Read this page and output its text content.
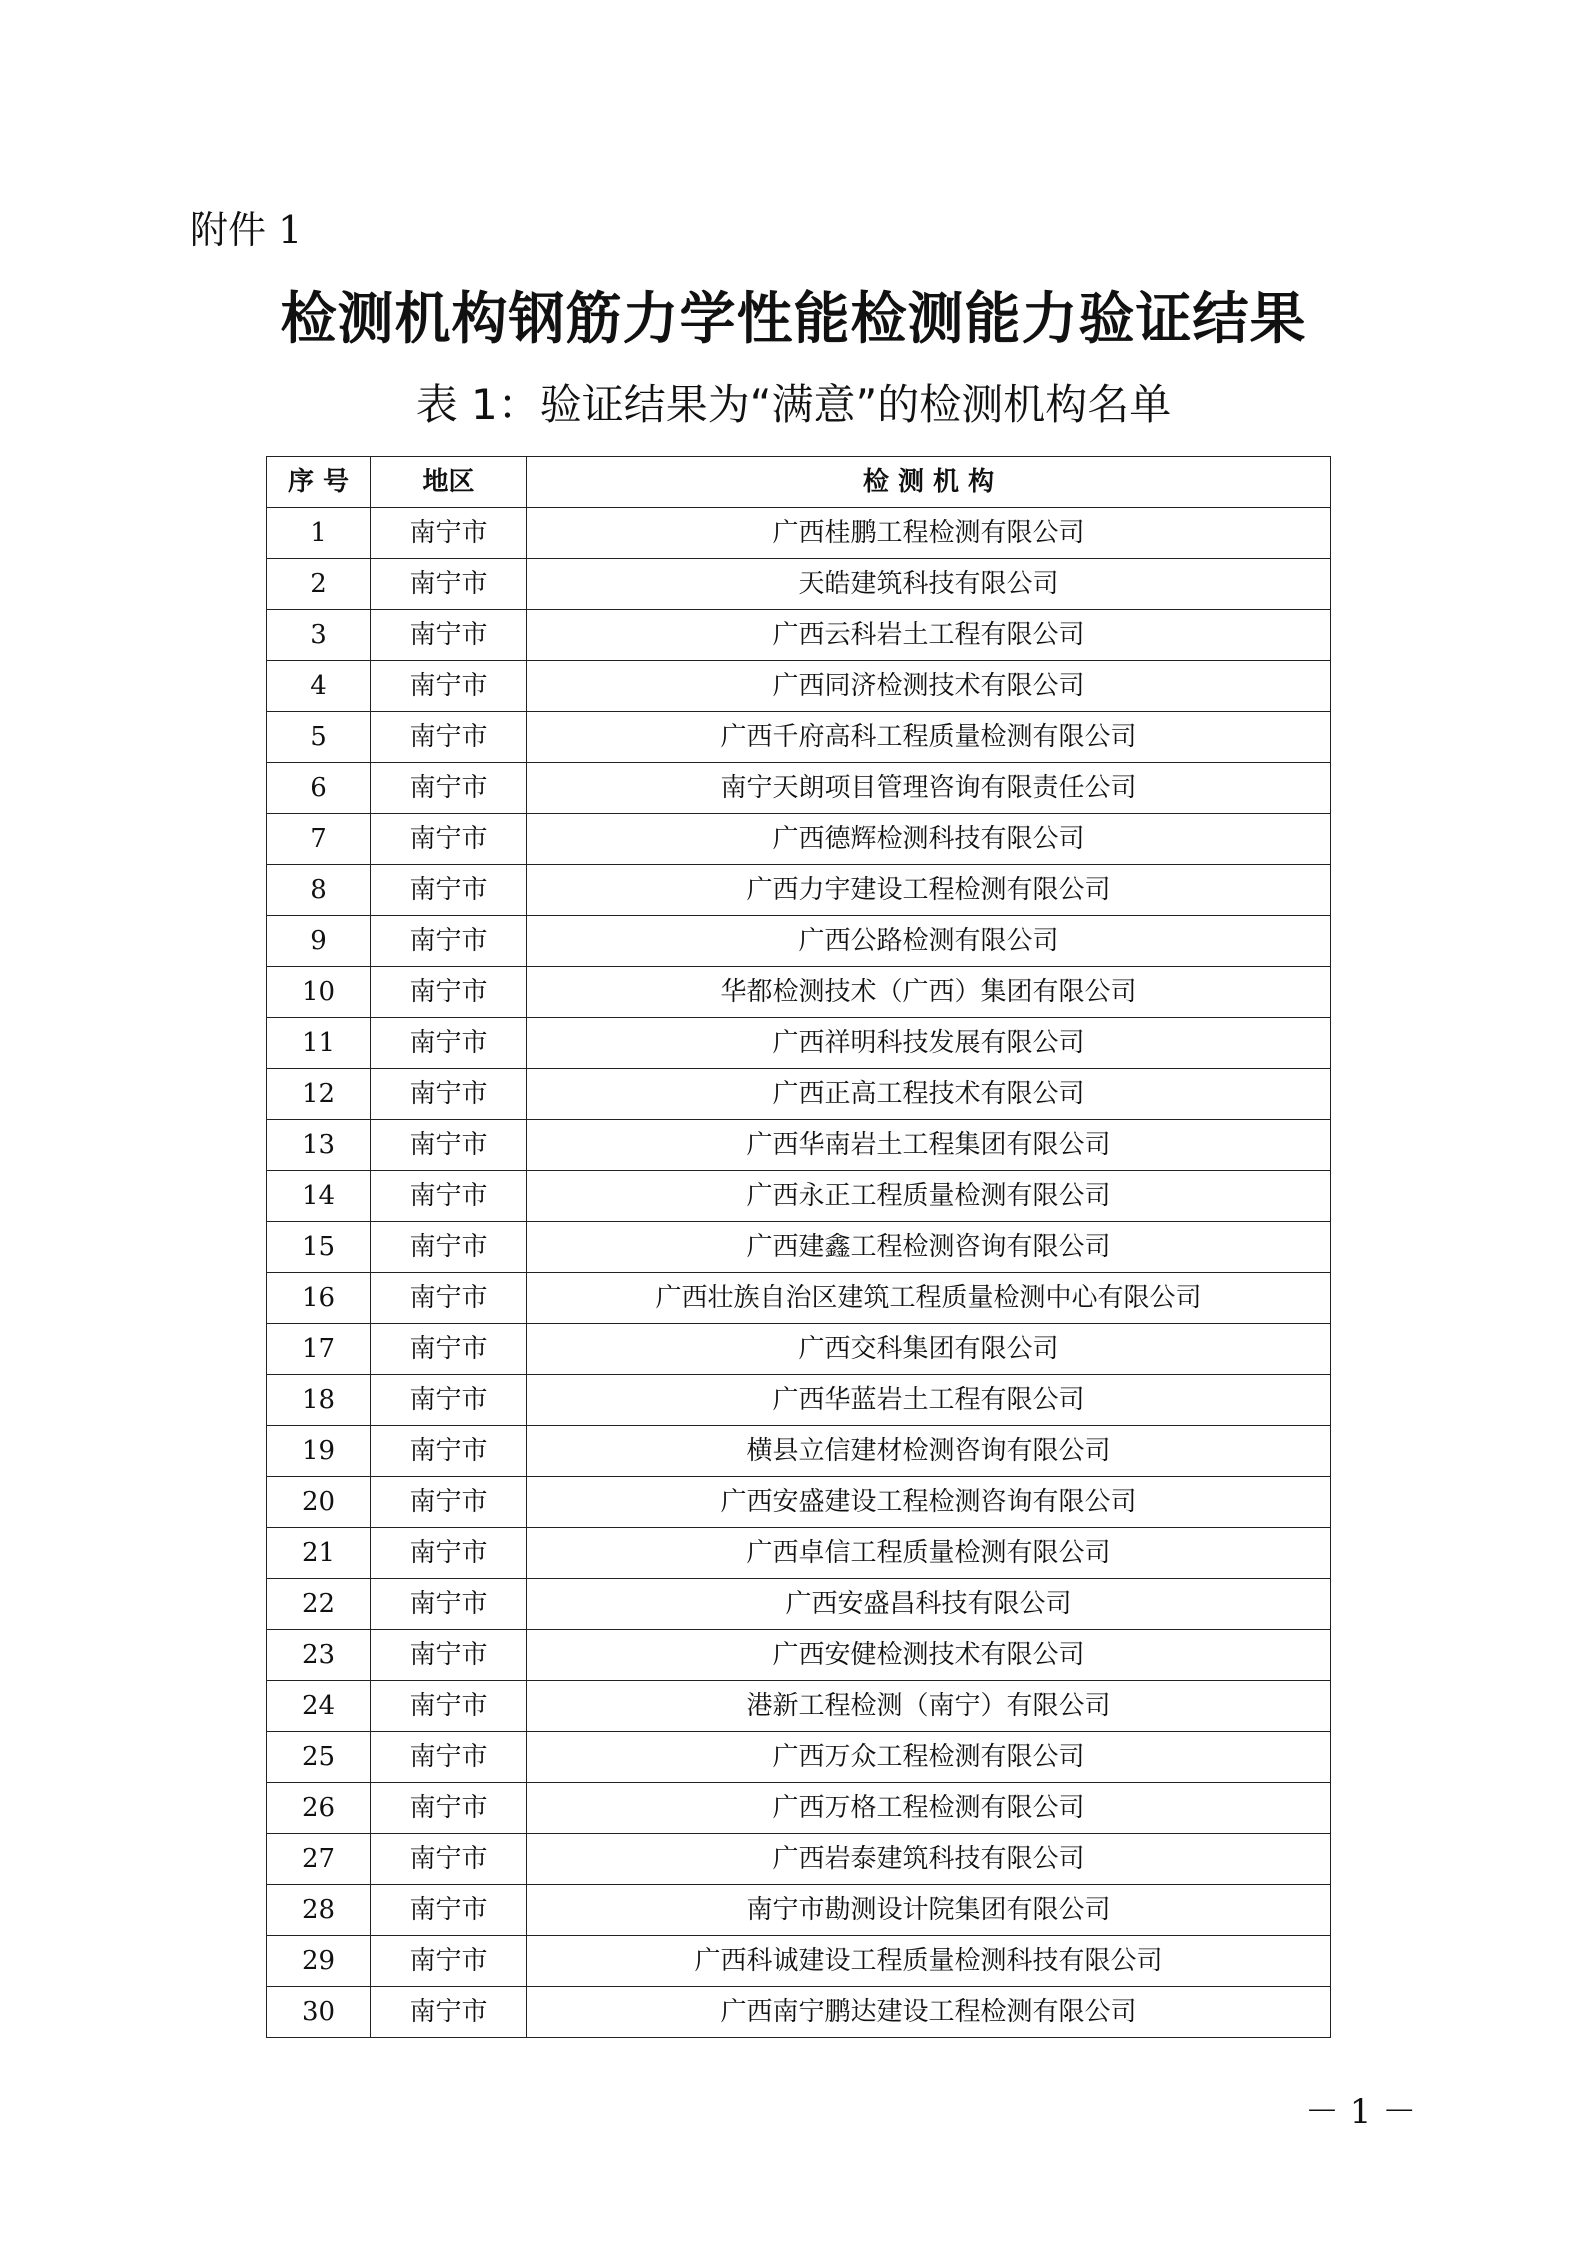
附件 1
检测机构钢筋力学性能检测能力验证结果
表 1：验证结果为“满意”的检测机构名单
序 号	地区	检 测 机 构
1	南宁市	广西桂鹏工程检测有限公司
2	南宁市	天皓建筑科技有限公司
3	南宁市	广西云科岩土工程有限公司
4	南宁市	广西同济检测技术有限公司
5	南宁市	广西千府高科工程质量检测有限公司
6	南宁市	南宁天朗项目管理咨询有限责任公司
7	南宁市	广西德辉检测科技有限公司
8	南宁市	广西力宇建设工程检测有限公司
9	南宁市	广西公路检测有限公司
10	南宁市	华都检测技术（广西）集团有限公司
11	南宁市	广西祥明科技发展有限公司
12	南宁市	广西正高工程技术有限公司
13	南宁市	广西华南岩土工程集团有限公司
14	南宁市	广西永正工程质量检测有限公司
15	南宁市	广西建鑫工程检测咨询有限公司
16	南宁市	广西壮族自治区建筑工程质量检测中心有限公司
17	南宁市	广西交科集团有限公司
18	南宁市	广西华蓝岩土工程有限公司
19	南宁市	横县立信建材检测咨询有限公司
20	南宁市	广西安盛建设工程检测咨询有限公司
21	南宁市	广西卓信工程质量检测有限公司
22	南宁市	广西安盛昌科技有限公司
23	南宁市	广西安健检测技术有限公司
24	南宁市	港新工程检测（南宁）有限公司
25	南宁市	广西万众工程检测有限公司
26	南宁市	广西万格工程检测有限公司
27	南宁市	广西岩泰建筑科技有限公司
28	南宁市	南宁市勘测设计院集团有限公司
29	南宁市	广西科诚建设工程质量检测科技有限公司
30	南宁市	广西南宁鹏达建设工程检测有限公司
－ 1 －
